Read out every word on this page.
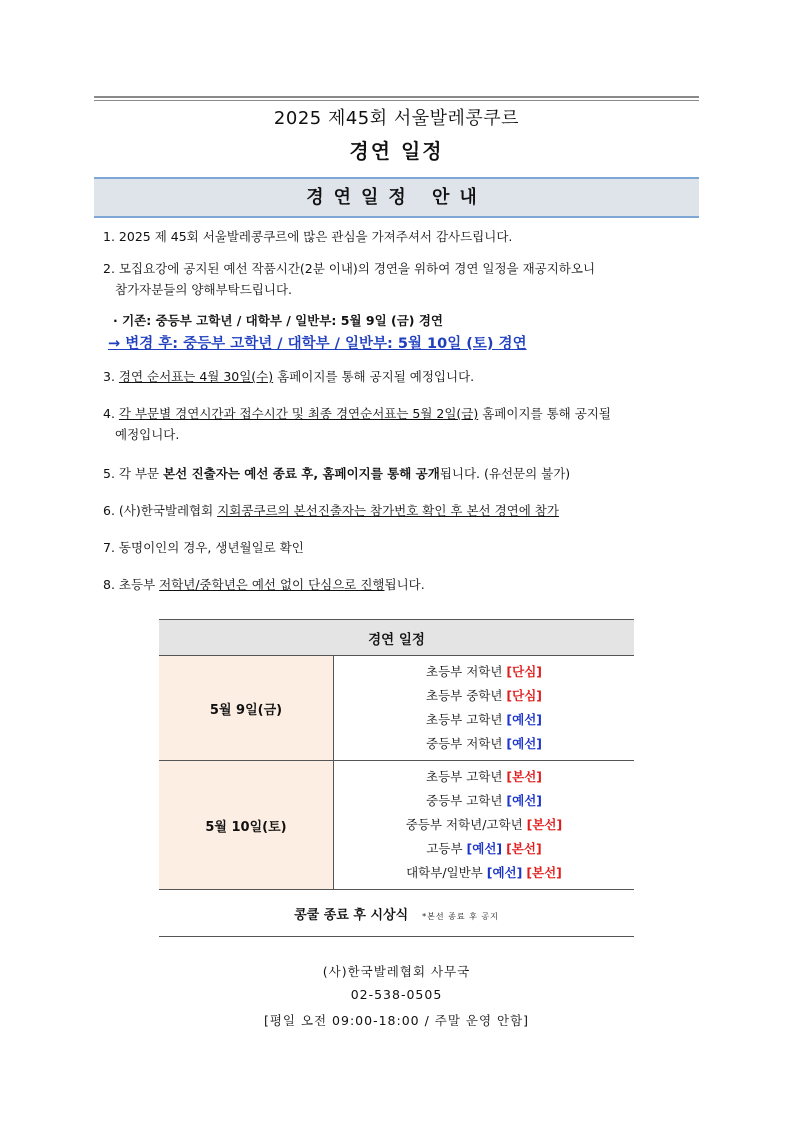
2025 제45회 서울발레콩쿠르
경연 일정
경연일정 안내
1. 2025 제 45회 서울발레콩쿠르에 많은 관심을 가져주셔서 감사드립니다.
2. 모집요강에 공지된 예선 작품시간(2분 이내)의 경연을 위하여 경연 일정을 재공지하오니
참가자분들의 양해부탁드립니다.
· 기존: 중등부 고학년 / 대학부 / 일반부: 5월 9일 (금) 경연
→ 변경 후: 중등부 고학년 / 대학부 / 일반부: 5월 10일 (토) 경연
3. 경연 순서표는 4월 30일(수) 홈페이지를 통해 공지될 예정입니다.
4. 각 부문별 경연시간과 접수시간 및 최종 경연순서표는 5월 2일(금) 홈페이지를 통해 공지될
예정입니다.
5. 각 부문 본선 진출자는 예선 종료 후, 홈페이지를 통해 공개됩니다. (유선문의 불가)
6. (사)한국발레협회 지회콩쿠르의 본선진출자는 참가번호 확인 후 본선 경연에 참가
7. 동명이인의 경우, 생년월일로 확인
8. 초등부 저학년/중학년은 예선 없이 단심으로 진행됩니다.
경연 일정	
5월 9일(금)	초등부 저학년 [단심]
초등부 중학년 [단심]
초등부 고학년 [예선]
중등부 저학년 [예선]

5월 10일(토)	초등부 고학년 [본선]
중등부 고학년 [예선]
중등부 저학년/고학년 [본선]
고등부 [예선] [본선]
대학부/일반부 [예선] [본선]

콩쿨 종료 후 시상식 *본선 종료 후 공지	
(사)한국발레협회 사무국
02-538-0505
[평일 오전 09:00-18:00 / 주말 운영 안함]
